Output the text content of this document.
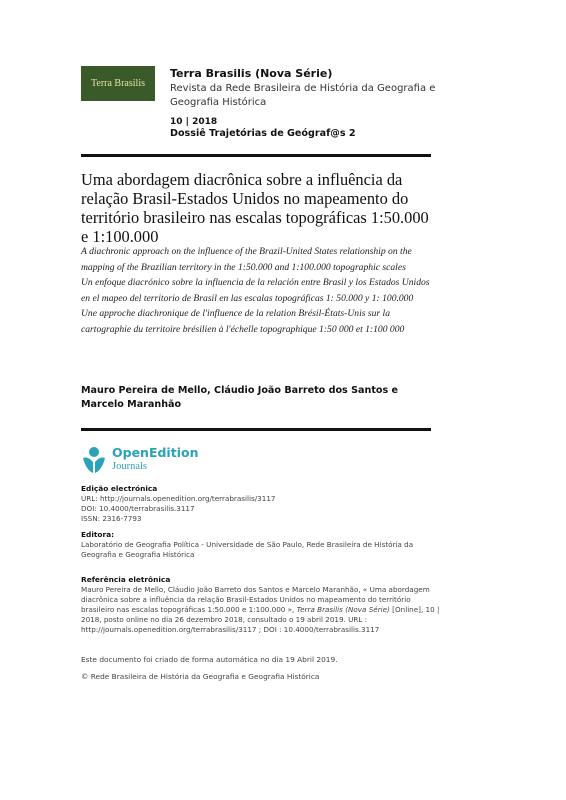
Terra Brasilis
Terra Brasilis (Nova Série)
Revista da Rede Brasileira de História da Geografia e Geografia Histórica
10 | 2018
Dossiê Trajetórias de Geógraf@s 2
Uma abordagem diacrônica sobre a influência da relação Brasil-Estados Unidos no mapeamento do território brasileiro nas escalas topográficas 1:50.000 e 1:100.000
A diachronic approach on the influence of the Brazil-United States relationship on the mapping of the Brazilian territory in the 1:50.000 and 1:100.000 topographic scales
Un enfoque diacrónico sobre la influencia de la relación entre Brasil y los Estados Unidos en el mapeo del territorio de Brasil en las escalas topográficas 1: 50.000 y 1: 100.000
Une approche diachronique de l'influence de la relation Brésil-États-Unis sur la cartographie du territoire brésilien à l'échelle topographique 1:50 000 et 1:100 000
Mauro Pereira de Mello, Cláudio João Barreto dos Santos e Marcelo Maranhão
OpenEdition
Journals
Edição electrónica
URL: http://journals.openedition.org/terrabrasilis/3117
DOI: 10.4000/terrabrasilis.3117
ISSN: 2316-7793
Editora:
Laboratório de Geografia Política - Universidade de São Paulo, Rede Brasileira de História da Geografia e Geografia Histórica
Referência eletrônica
Mauro Pereira de Mello, Cláudio João Barreto dos Santos e Marcelo Maranhão, « Uma abordagem diacrônica sobre a influência da relação Brasil-Estados Unidos no mapeamento do território brasileiro nas escalas topográficas 1:50.000 e 1:100.000 », Terra Brasilis (Nova Série) [Online], 10 | 2018, posto online no dia 26 dezembro 2018, consultado o 19 abril 2019. URL : http://journals.openedition.org/terrabrasilis/3117 ; DOI : 10.4000/terrabrasilis.3117
Este documento foi criado de forma automática no dia 19 Abril 2019.
© Rede Brasileira de História da Geografia e Geografia Histórica
